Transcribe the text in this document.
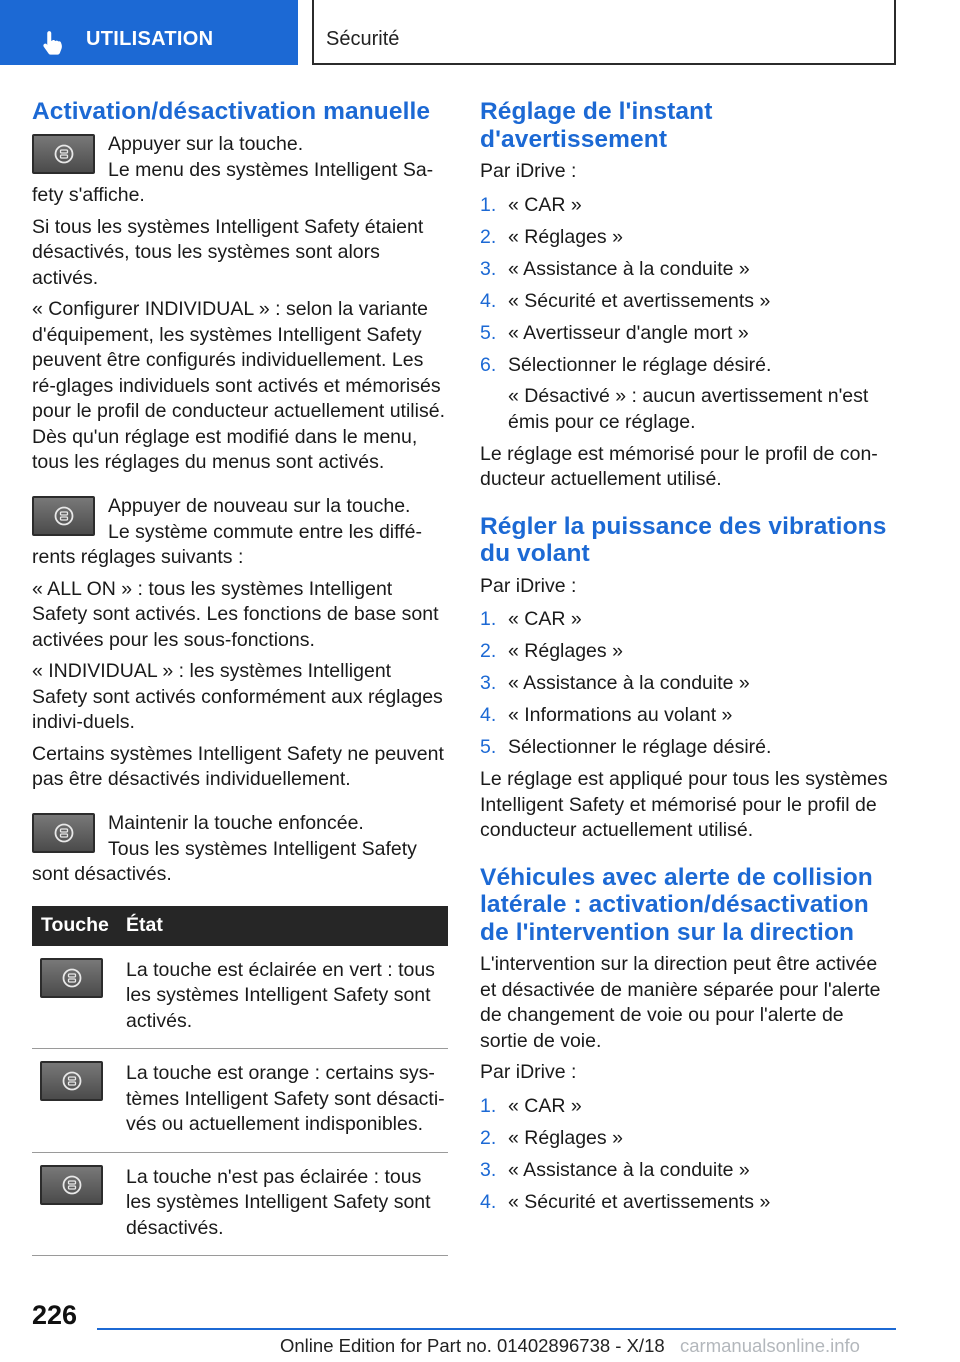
UTILISATION	Sécurité
Activation/désactivation manuelle

Appuyer sur la touche.

Le menu des systèmes Intelligent Sa‐fety s'affiche.

Si tous les systèmes Intelligent Safety étaient désactivés, tous les systèmes sont alors activés.

« Configurer INDIVIDUAL » : selon la variante d'équipement, les systèmes Intelligent Safety peuvent être configurés individuellement. Les ré‐glages individuels sont activés et mémorisés pour le profil de conducteur actuellement utilisé. Dès qu'un réglage est modifié dans le menu, tous les réglages du menus sont activés.

Appuyer de nouveau sur la touche.

Le système commute entre les diffé‐rents réglages suivants :

« ALL ON » : tous les systèmes Intelligent Safety sont activés. Les fonctions de base sont activées pour les sous-fonctions.

« INDIVIDUAL » : les systèmes Intelligent Safety sont activés conformément aux réglages indivi‐duels.

Certains systèmes Intelligent Safety ne peuvent pas être désactivés individuellement.

Maintenir la touche enfoncée.

Tous les systèmes Intelligent Safety sont désactivés.

Touche	État

	La touche est éclairée en vert : tous les systèmes Intelligent Safety sont activés.

	La touche est orange : certains sys‐tèmes Intelligent Safety sont désacti‐vés ou actuellement indisponibles.

	La touche n'est pas éclairée : tous les systèmes Intelligent Safety sont désactivés.
Réglage de l'instant d'avertissement

Par iDrive :

1. « CAR »
2. « Réglages »
3. « Assistance à la conduite »
4. « Sécurité et avertissements »
5. « Avertisseur d'angle mort »
6. Sélectionner le réglage désiré.

« Désactivé » : aucun avertissement n'est émis pour ce réglage.

Le réglage est mémorisé pour le profil de con‐ducteur actuellement utilisé.

Régler la puissance des vibrations du volant

Par iDrive :

1. « CAR »
2. « Réglages »
3. « Assistance à la conduite »
4. « Informations au volant »
5. Sélectionner le réglage désiré.

Le réglage est appliqué pour tous les systèmes Intelligent Safety et mémorisé pour le profil de conducteur actuellement utilisé.

Véhicules avec alerte de collision latérale : activation/désactivation de l'intervention sur la direction

L'intervention sur la direction peut être activée et désactivée de manière séparée pour l'alerte de changement de voie ou pour l'alerte de sortie de voie.

Par iDrive :

1. « CAR »
2. « Réglages »
3. « Assistance à la conduite »
4. « Sécurité et avertissements »
226
Online Edition for Part no. 01402896738 - X/18 carmanualsonline.info
